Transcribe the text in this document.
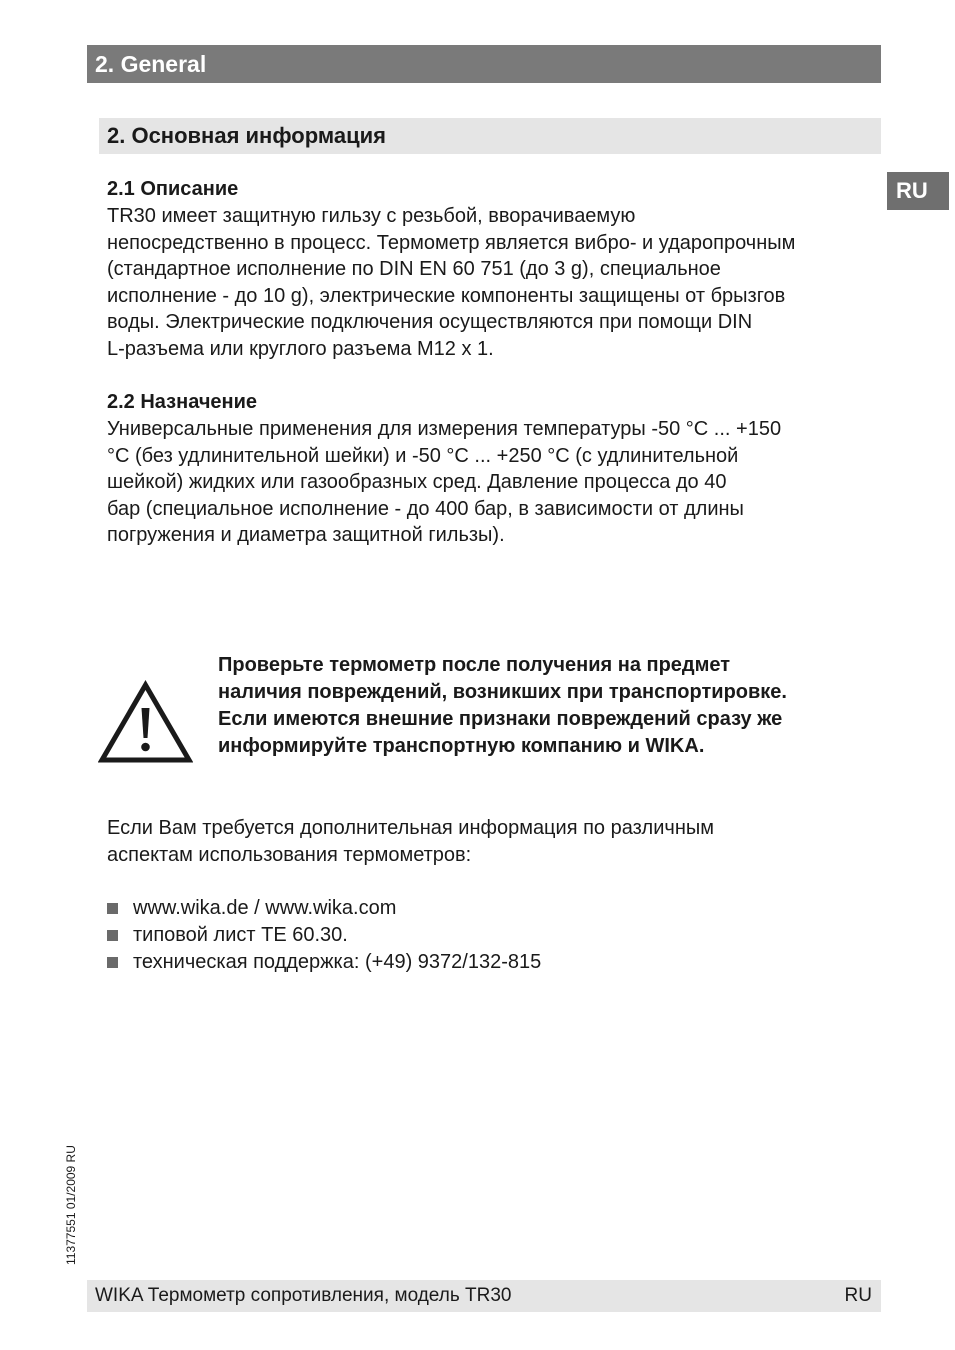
2. General
2. Основная информация
RU
2.1 Описание
TR30 имеет защитную гильзу с резьбой, вворачиваемую
непосредственно в процесс. Термометр является вибро- и ударопрочным
(стандартное исполнение по DIN EN 60 751 (до 3 g), специальное
исполнение - до 10 g), электрические компоненты защищены от брызгов
воды. Электрические подключения осуществляются при помощи DIN
L-разъема или круглого разъема M12 x 1.
2.2 Назначение
Универсальные применения для измерения температуры -50 °C ... +150
°C (без удлинительной шейки) и -50 °C ... +250 °C (с удлинительной
шейкой) жидких или газообразных сред. Давление процесса до 40
бар (специальное исполнение - до 400 бар, в зависимости от длины
погружения и диаметра защитной гильзы).
Проверьте термометр после получения на предмет
наличия повреждений, возникших при транспортировке.
Если имеются внешние признаки повреждений сразу же
информируйте транспортную компанию и WIKA.
Если Вам требуется дополнительная информация по различным
аспектам использования термометров:
www.wika.de / www.wika.com
типовой лист TE 60.30.
техническая поддержка: (+49) 9372/132-815
11377551 01/2009 RU
WIKA Термометр сопротивления, модель TR30	RU
